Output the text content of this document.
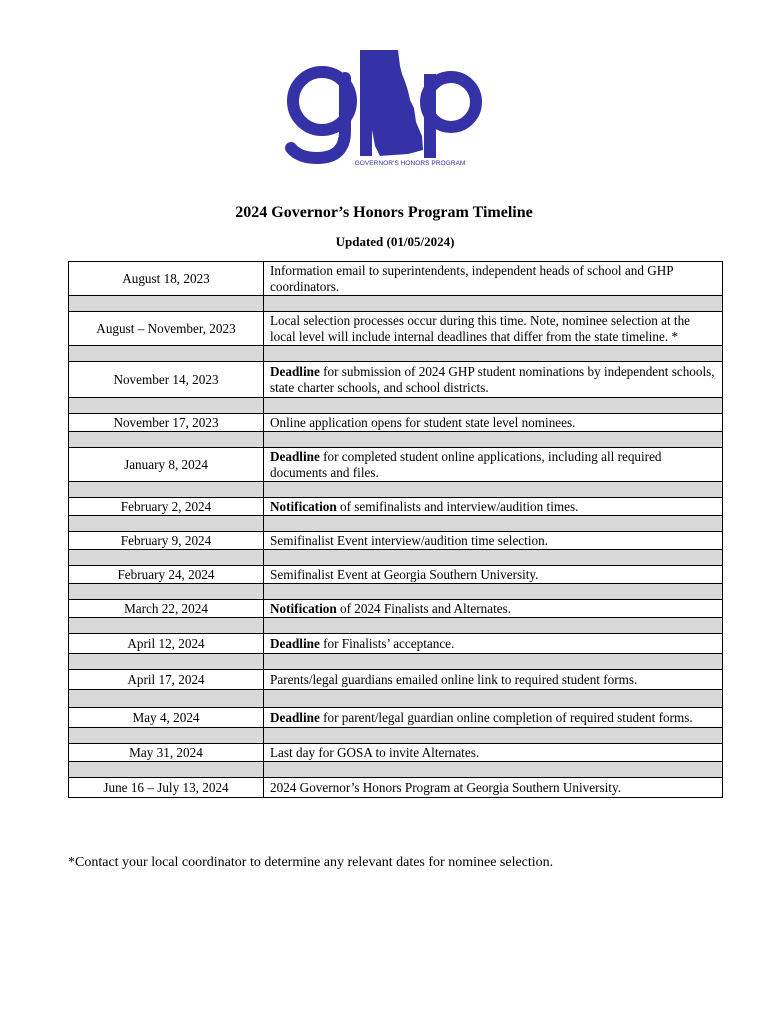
GOVERNOR'S HONORS PROGRAM
2024 Governor’s Honors Program Timeline
Updated (01/05/2024)
August 18, 2023	Information email to superintendents, independent heads of school and GHP coordinators.

August – November, 2023	Local selection processes occur during this time. Note, nominee selection at the local level will include internal deadlines that differ from the state timeline. *

November 14, 2023	Deadline for submission of 2024 GHP student nominations by independent schools, state charter schools, and school districts.

November 17, 2023	Online application opens for student state level nominees.

January 8, 2024	Deadline for completed student online applications, including all required documents and files.

February 2, 2024	Notification of semifinalists and interview/audition times.

February 9, 2024	Semifinalist Event interview/audition time selection.

February 24, 2024	Semifinalist Event at Georgia Southern University.

March 22, 2024	Notification of 2024 Finalists and Alternates.

April 12, 2024	Deadline for Finalists’ acceptance.

April 17, 2024	Parents/legal guardians emailed online link to required student forms.

May 4, 2024	Deadline for parent/legal guardian online completion of required student forms.

May 31, 2024	Last day for GOSA to invite Alternates.

June 16 – July 13, 2024	2024 Governor’s Honors Program at Georgia Southern University.
*Contact your local coordinator to determine any relevant dates for nominee selection.
